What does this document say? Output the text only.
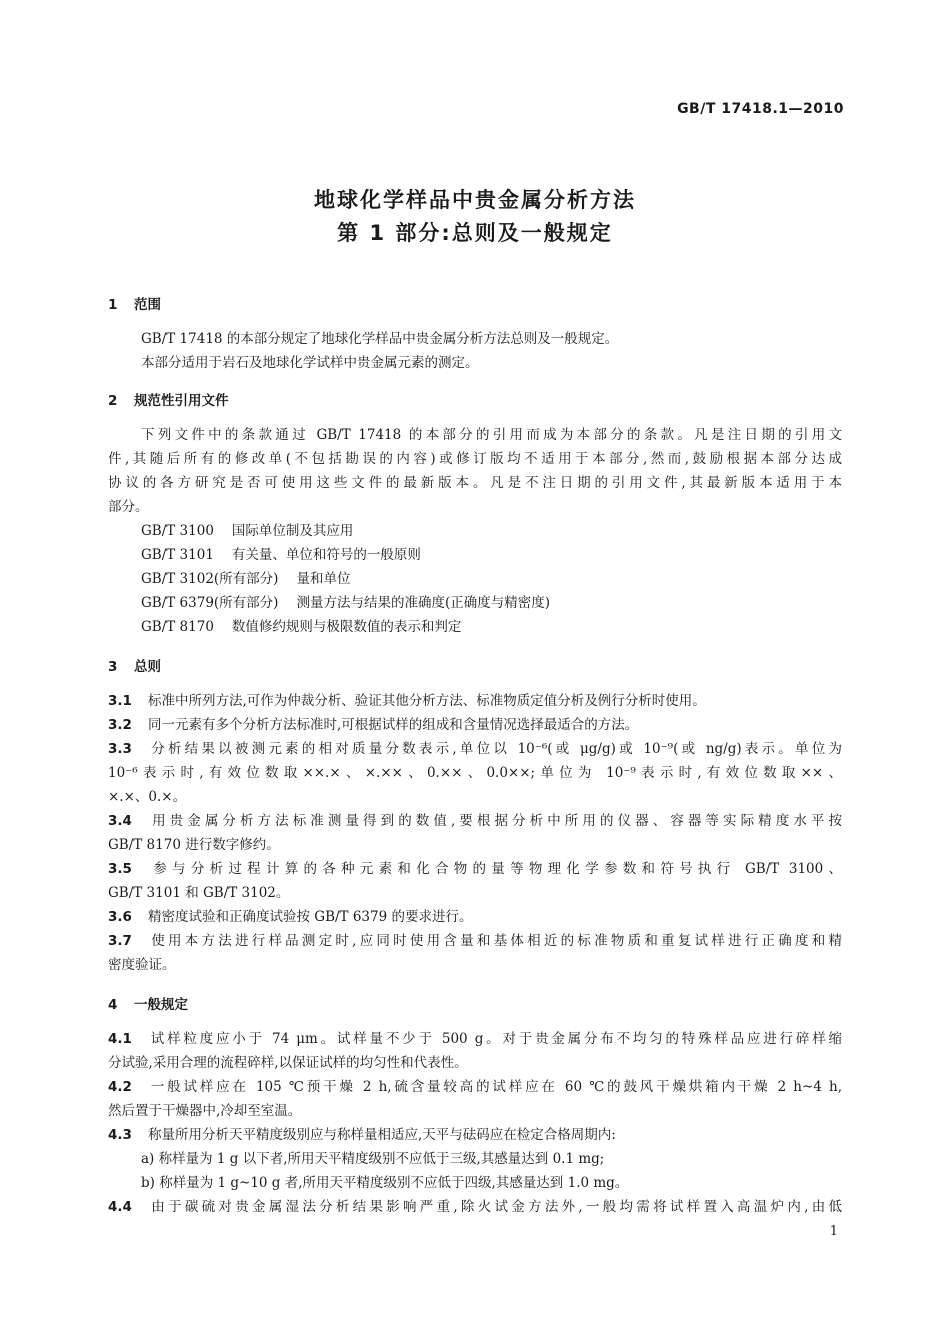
GB/T 17418.1—2010
地球化学样品中贵金属分析方法
第 1 部分:总则及一般规定
1 范围
GB/T 17418 的本部分规定了地球化学样品中贵金属分析方法总则及一般规定。
本部分适用于岩石及地球化学试样中贵金属元素的测定。
2 规范性引用文件
下列文件中的条款通过 GB/T 17418 的本部分的引用而成为本部分的条款。凡是注日期的引用文
件,其随后所有的修改单(不包括勘误的内容)或修订版均不适用于本部分,然而,鼓励根据本部分达成
协议的各方研究是否可使用这些文件的最新版本。凡是不注日期的引用文件,其最新版本适用于本
部分。
GB/T 3100 国际单位制及其应用
GB/T 3101 有关量、单位和符号的一般原则
GB/T 3102(所有部分) 量和单位
GB/T 6379(所有部分) 测量方法与结果的准确度(正确度与精密度)
GB/T 8170 数值修约规则与极限数值的表示和判定
3 总则
3.1 标准中所列方法,可作为仲裁分析、验证其他分析方法、标准物质定值分析及例行分析时使用。
3.2 同一元素有多个分析方法标准时,可根据试样的组成和含量情况选择最适合的方法。
3.3 分析结果以被测元素的相对质量分数表示,单位以 10⁻⁶(或 μg/g)或 10⁻⁹(或 ng/g)表示。单位为
10⁻⁶表示时,有效位数取××.×、×.××、0.××、0.0××;单位为 10⁻⁹表示时,有效位数取××、
×.×、0.×。
3.4 用贵金属分析方法标准测量得到的数值,要根据分析中所用的仪器、容器等实际精度水平按
GB/T 8170 进行数字修约。
3.5 参与分析过程计算的各种元素和化合物的量等物理化学参数和符号执行 GB/T 3100、
GB/T 3101 和 GB/T 3102。
3.6 精密度试验和正确度试验按 GB/T 6379 的要求进行。
3.7 使用本方法进行样品测定时,应同时使用含量和基体相近的标准物质和重复试样进行正确度和精
密度验证。
4 一般规定
4.1 试样粒度应小于 74 μm。试样量不少于 500 g。对于贵金属分布不均匀的特殊样品应进行碎样缩
分试验,采用合理的流程碎样,以保证试样的均匀性和代表性。
4.2 一般试样应在 105 ℃预干燥 2 h,硫含量较高的试样应在 60 ℃的鼓风干燥烘箱内干燥 2 h~4 h,
然后置于干燥器中,冷却至室温。
4.3 称量所用分析天平精度级别应与称样量相适应,天平与砝码应在检定合格周期内:
a) 称样量为 1 g 以下者,所用天平精度级别不应低于三级,其感量达到 0.1 mg;
b) 称样量为 1 g~10 g 者,所用天平精度级别不应低于四级,其感量达到 1.0 mg。
4.4 由于碳硫对贵金属湿法分析结果影响严重,除火试金方法外,一般均需将试样置入高温炉内,由低
1
